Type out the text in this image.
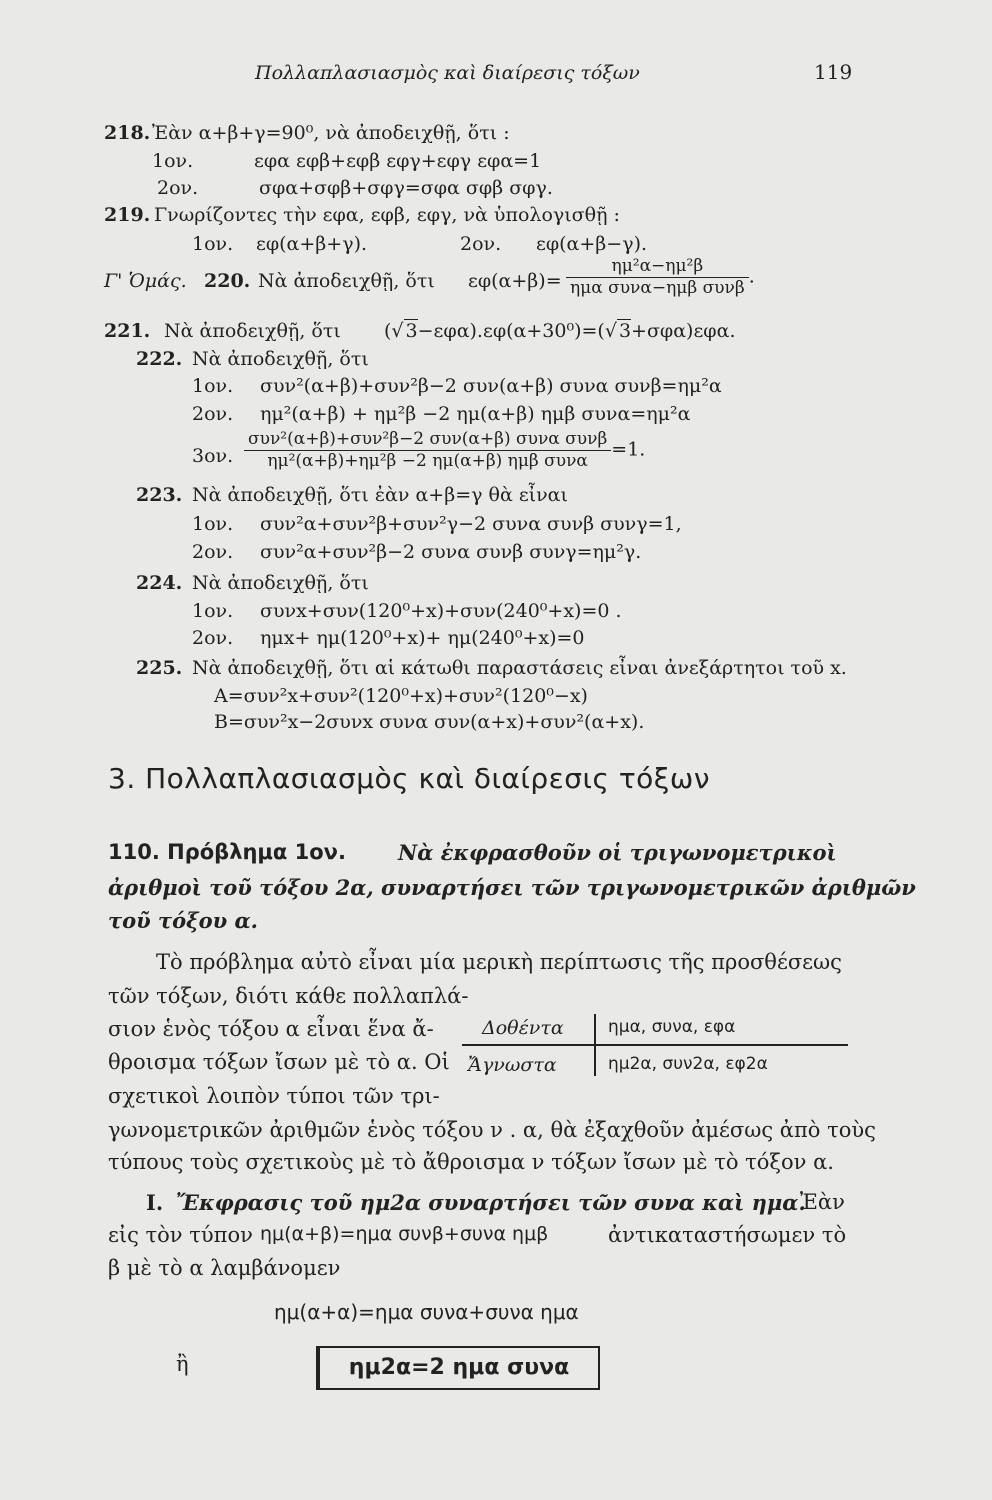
Πολλαπλασιασμὸς καὶ διαίρεσις τόξων	119
218. Ἐὰν α+β+γ=90⁰, νὰ ἀποδειχθῇ, ὅτι :
1ον.	εφα εφβ+εφβ εφγ+εφγ εφα=1
2ον.	σφα+σφβ+σφγ=σφα σφβ σφγ.
219. Γνωρίζοντες τὴν εφα, εφβ, εφγ, νὰ ὑπολογισθῇ :
1ον. εφ(α+β+γ).	2ον. εφ(α+β−γ).
Γ' Ὁμάς. 220. Νὰ ἀποδειχθῇ, ὅτι $\varepsilon\varphi(\alpha+\beta)= \frac{\text{ημ²α−ημ²β}}{\text{ημα συνα−ημβ συνβ}}$ .
221. Νὰ ἀποδειχθῇ, ὅτι (√ 3−εφα).εφ(α+30⁰)=(√ 3+σφα)εφα.
222. Νὰ ἀποδειχθῇ, ὅτι
1ον. συν²(α+β)+συν²β−2 συν(α+β) συνα συνβ=ημ²α
2ον. ημ²(α+β) + ημ²β −2 ημ(α+β) ημβ συνα=ημ²α
3ον. $\frac{\text{συν²(α+β)+συν²β−2 συν(α+β) συνα συνβ}}{\text{ημ²(α+β)+ημ²β −2 ημ(α+β) ημβ συνα}} =1$.
223. Νὰ ἀποδειχθῇ, ὅτι ἐὰν α+β=γ θὰ εἶναι
1ον. συν²α+συν²β+συν²γ−2 συνα συνβ συνγ=1,
2ον. συν²α+συν²β−2 συνα συνβ συνγ=ημ²γ.
224. Νὰ ἀποδειχθῇ, ὅτι
1ον. συνx+συν(120⁰+x)+συν(240⁰+x)=0 .
2ον. ημx+ ημ(120⁰+x)+ ημ(240⁰+x)=0
225. Νὰ ἀποδειχθῇ, ὅτι αἱ κάτωθι παραστάσεις εἶναι ἀνεξάρτητοι τοῦ x.
A=συν²x+συν²(120⁰+x)+συν²(120⁰−x)
B=συν²x−2συνx συνα συν(α+x)+συν²(α+x).
3. Πολλαπλασιασμὸς καὶ διαίρεσις τόξων
110. Πρόβλημα 1ον. Νὰ ἐκφρασθοῦν οἱ τριγωνομετρικοὶ
ἀριθμοὶ τοῦ τόξου 2α, συναρτήσει τῶν τριγωνομετρικῶν ἀριθμῶν
τοῦ τόξου α.
Τὸ πρόβλημα αὐτὸ εἶναι μία μερικὴ περίπτωσις τῆς προσθέσεως
τῶν τόξων, διότι κάθε πολλαπλά-
σιον ἑνὸς τόξου α εἶναι ἕνα ἄ-
θροισμα τόξων ἴσων μὲ τὸ α. Οἱ
σχετικοὶ λοιπὸν τύποι τῶν τρι-
γωνομετρικῶν ἀριθμῶν ἑνὸς τόξου ν . α, θὰ ἐξαχθοῦν ἀμέσως ἀπὸ τοὺς
τύπους τοὺς σχετικοὺς μὲ τὸ ἄθροισμα ν τόξων ἴσων μὲ τὸ τόξον α.
Δοθέντα	ημα, συνα, εφα
Ἄγνωστα	ημ2α, συν2α, εφ2α
I. Ἔκφρασις τοῦ ημ2α συναρτήσει τῶν συνα καὶ ημα.
Ἐὰν
εἰς τὸν τύπον ημ(α+β)=ημα συνβ+συνα ημβ	ἀντικαταστήσωμεν τὸ
β μὲ τὸ α λαμβάνομεν
ημ(α+α)=ημα συνα+συνα ημα
ἢ	ημ2α=2 ημα συνα
